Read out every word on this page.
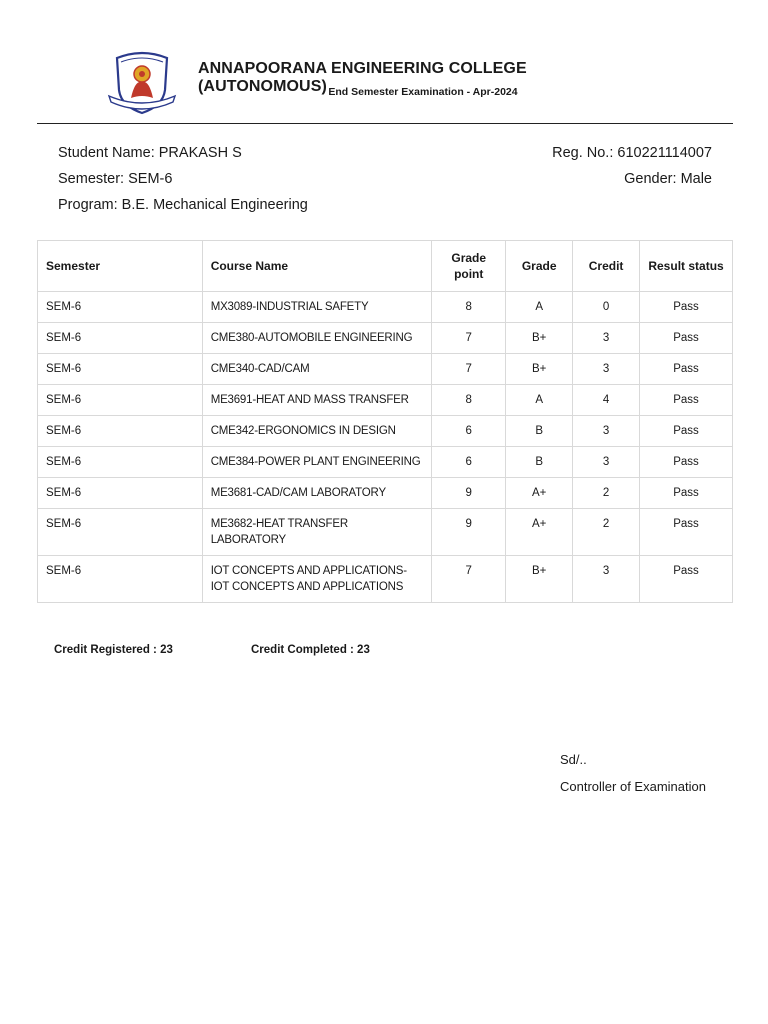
ANNAPOORANA ENGINEERING COLLEGE (AUTONOMOUS) End Semester Examination - Apr-2024
Student Name: PRAKASH S	Reg. No.: 610221114007
Semester: SEM-6	Gender: Male
Program: B.E. Mechanical Engineering
Semester	Course Name	Grade point	Grade	Credit	Result status
SEM-6	MX3089-INDUSTRIAL SAFETY	8	A	0	Pass
SEM-6	CME380-AUTOMOBILE ENGINEERING	7	B+	3	Pass
SEM-6	CME340-CAD/CAM	7	B+	3	Pass
SEM-6	ME3691-HEAT AND MASS TRANSFER	8	A	4	Pass
SEM-6	CME342-ERGONOMICS IN DESIGN	6	B	3	Pass
SEM-6	CME384-POWER PLANT ENGINEERING	6	B	3	Pass
SEM-6	ME3681-CAD/CAM LABORATORY	9	A+	2	Pass
SEM-6	ME3682-HEAT TRANSFER LABORATORY	9	A+	2	Pass
SEM-6	IOT CONCEPTS AND APPLICATIONS-IOT CONCEPTS AND APPLICATIONS	7	B+	3	Pass
Credit Registered : 23	Credit Completed : 23
Sd/..
Controller of Examination
